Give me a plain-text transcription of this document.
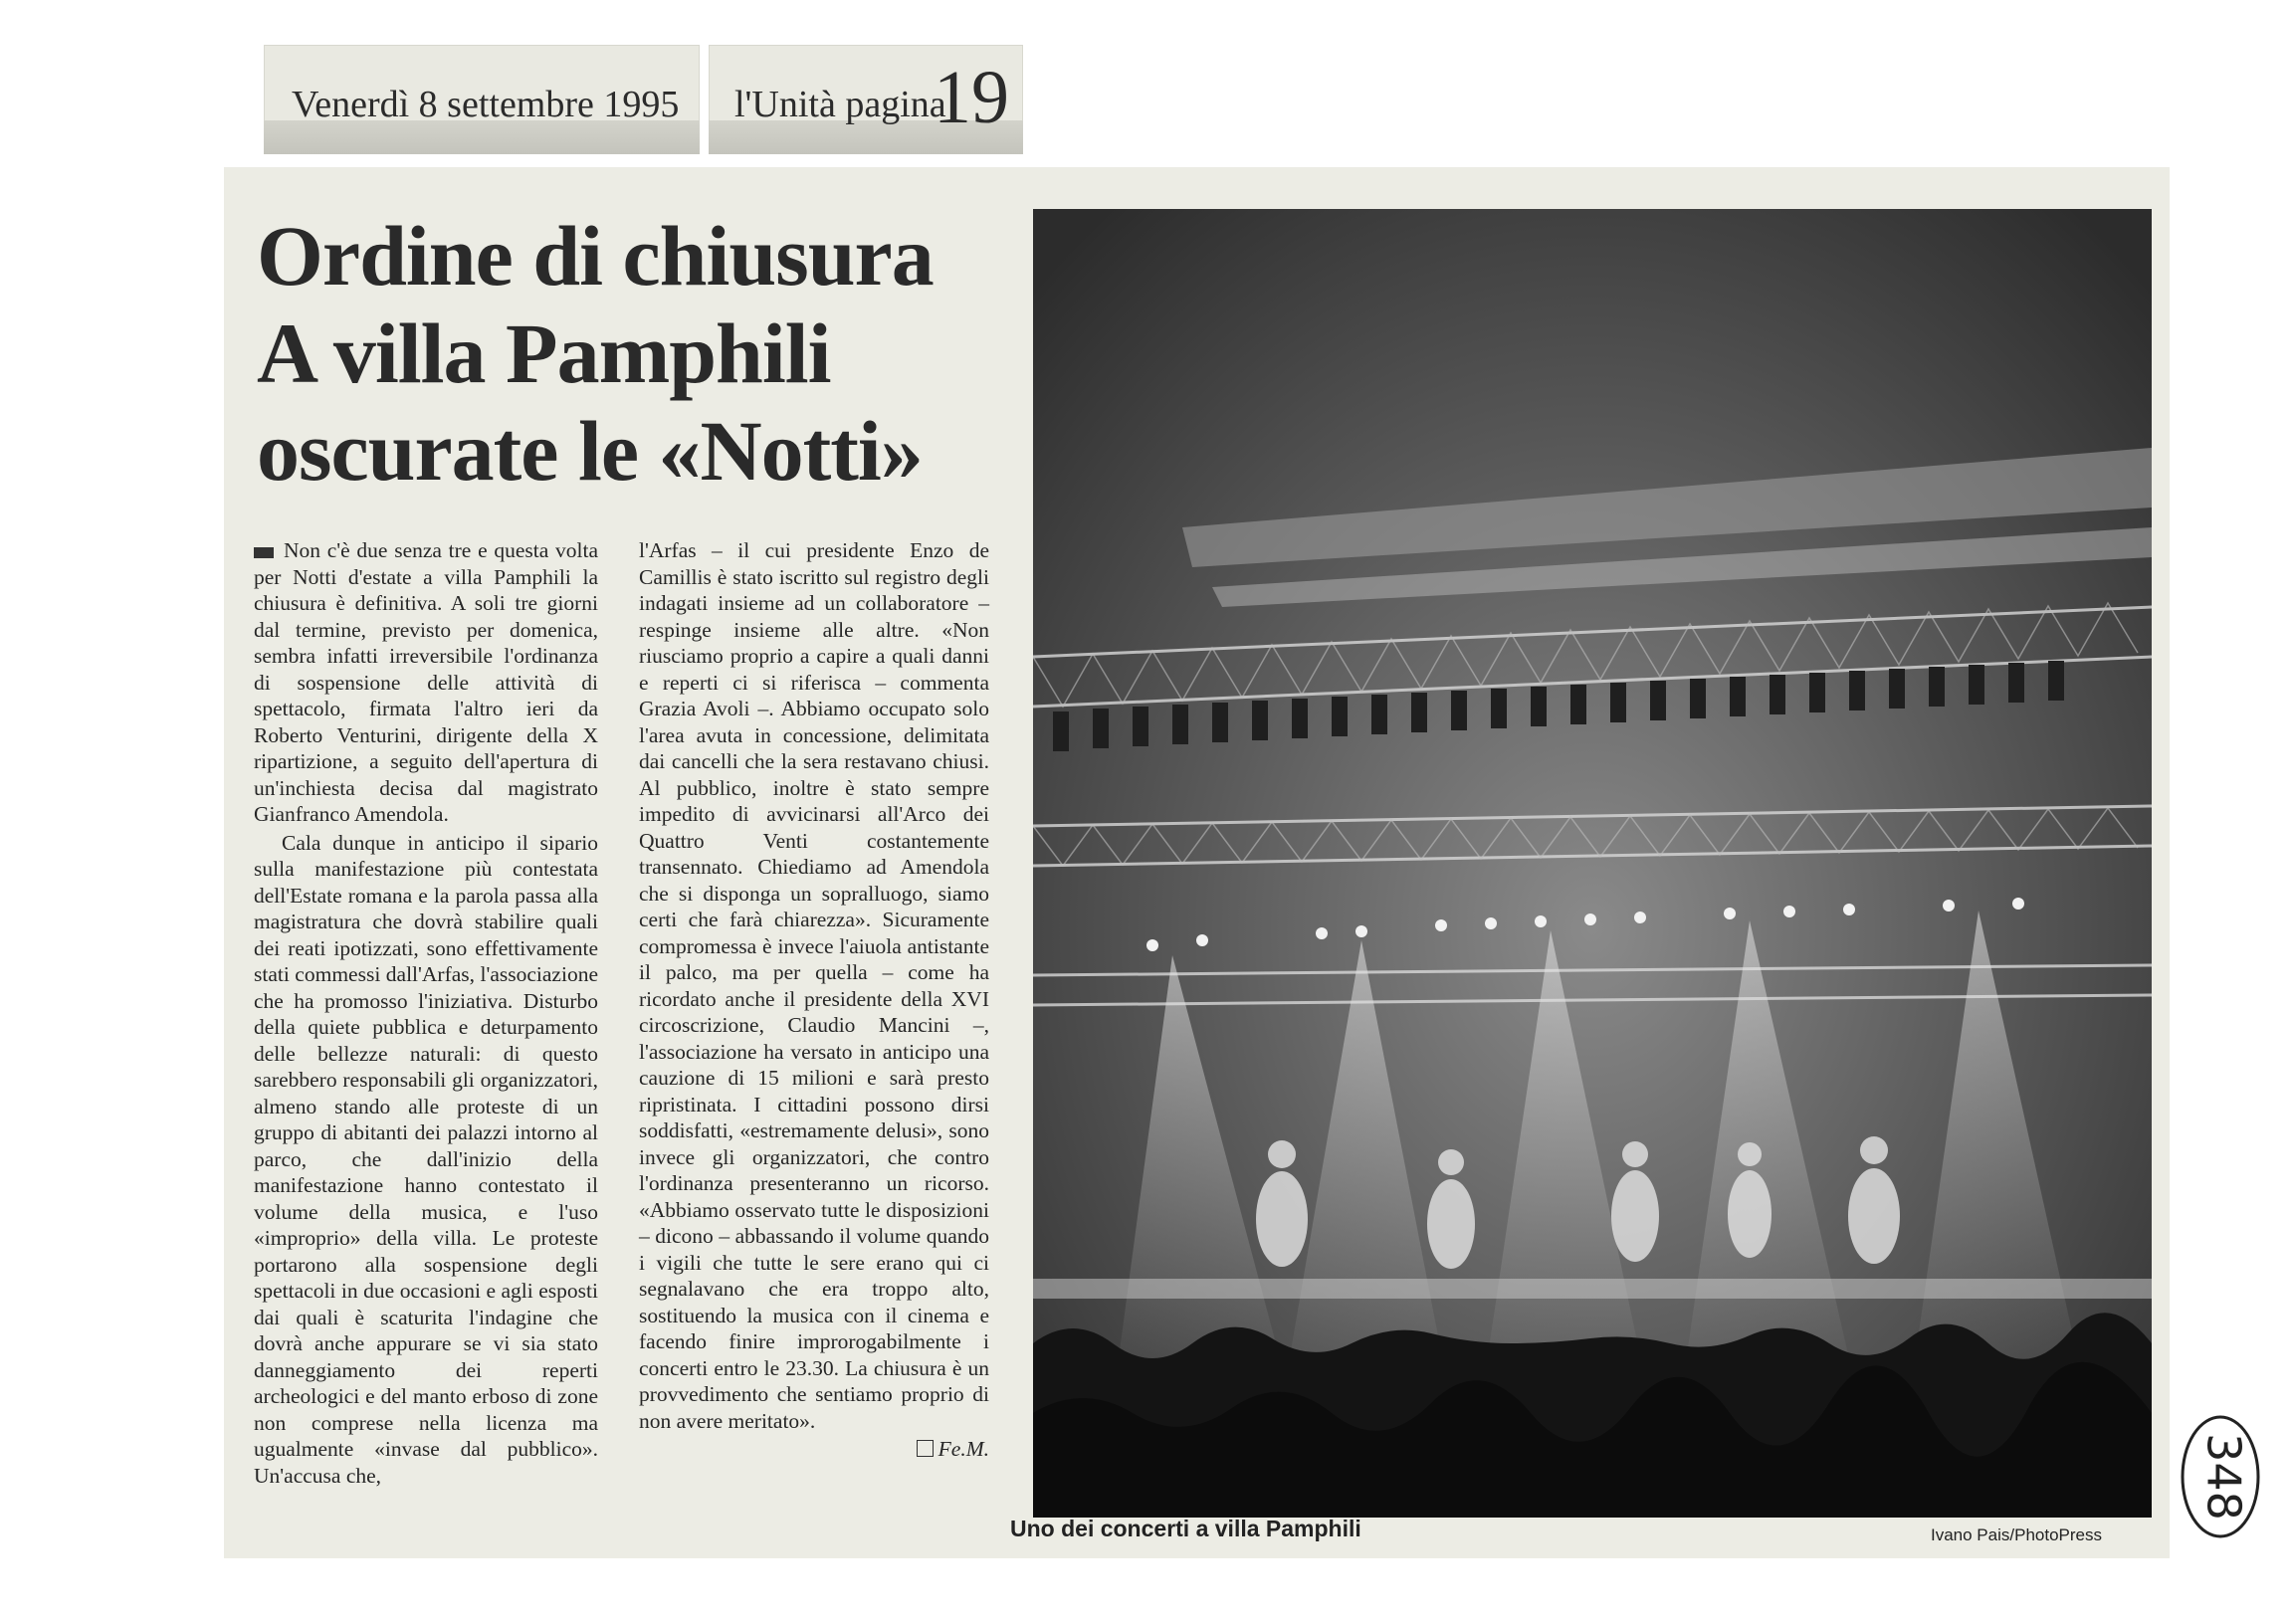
Venerdì 8 settembre 1995 l'Unità pagina
19
Ordine di chiusura
A villa Pamphili
oscurate le «Notti»

Non c'è due senza tre e questa volta per Notti d'estate a villa Pamphili la chiusura è definitiva. A soli tre giorni dal termine, previsto per domenica, sembra infatti irreversibile l'ordinanza di sospensione delle attività di spettacolo, firmata l'altro ieri da Roberto Venturini, dirigente della X ripartizione, a seguito dell'apertura di un'inchiesta decisa dal magistrato Gianfranco Amendola.

Cala dunque in anticipo il sipario sulla manifestazione più contestata dell'Estate romana e la parola passa alla magistratura che dovrà stabilire quali dei reati ipotizzati, sono effettivamente stati commessi dall'Arfas, l'associazione che ha promosso l'iniziativa. Disturbo della quiete pubblica e deturpamento delle bellezze naturali: di questo sarebbero responsabili gli organizzatori, almeno stando alle proteste di un gruppo di abitanti dei palazzi intorno al parco, che dall'inizio della manifestazione hanno contestato il volume della musica, e l'uso «improprio» della villa. Le proteste portarono alla sospensione degli spettacoli in due occasioni e agli esposti dai quali è scaturita l'indagine che dovrà anche appurare se vi sia stato danneggiamento dei reperti archeologici e del manto erboso di zone non comprese nella licenza ma ugualmente «invase dal pubblico». Un'accusa che,

l'Arfas – il cui presidente Enzo de Camillis è stato iscritto sul registro degli indagati insieme ad un collaboratore – respinge insieme alle altre. «Non riusciamo proprio a capire a quali danni e reperti ci si riferisca – commenta Grazia Avoli –. Abbiamo occupato solo l'area avuta in concessione, delimitata dai cancelli che la sera restavano chiusi. Al pubblico, inoltre è stato sempre impedito di avvicinarsi all'Arco dei Quattro Venti costantemente transennato. Chiediamo ad Amendola che si disponga un sopralluogo, siamo certi che farà chiarezza». Sicuramente compromessa è invece l'aiuola antistante il palco, ma per quella – come ha ricordato anche il presidente della XVI circoscrizione, Claudio Mancini –, l'associazione ha versato in anticipo una cauzione di 15 milioni e sarà presto ripristinata. I cittadini possono dirsi soddisfatti, «estremamente delusi», sono invece gli organizzatori, che contro l'ordinanza presenteranno un ricorso. «Abbiamo osservato tutte le disposizioni – dicono – abbassando il volume quando i vigili che tutte le sere erano qui ci segnalavano che era troppo alto, sostituendo la musica con il cinema e facendo finire improrogabilmente i concerti entro le 23.30. La chiusura è un provvedimento che sentiamo proprio di non avere meritato».

Fe.M.
Uno dei concerti a villa Pamphili	Ivano Pais/PhotoPress
348
